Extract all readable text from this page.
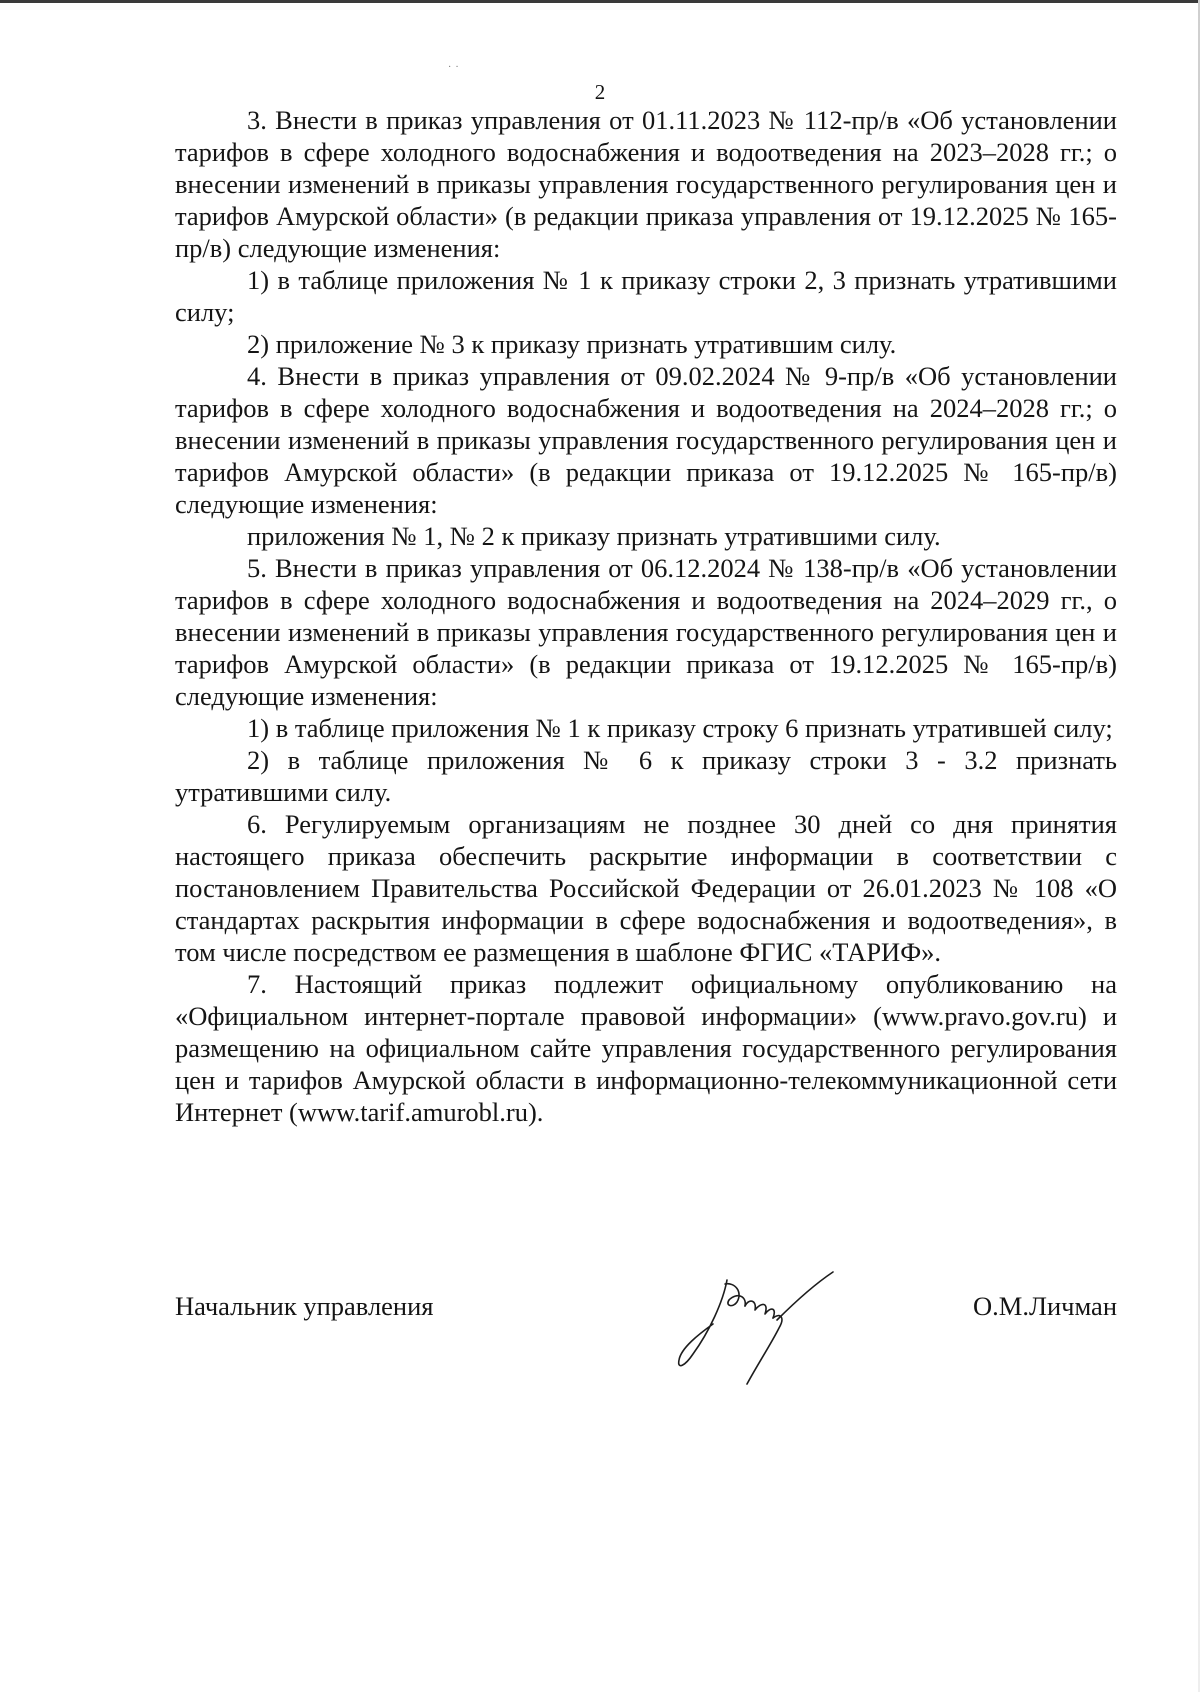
··
2

3. Внести в приказ управления от 01.11.2023 № 112-пр/в «Об установлении тарифов в сфере холодного водоснабжения и водоотведения на 2023–2028 гг.; о внесении изменений в приказы управления государственного регулирования цен и тарифов Амурской области» (в редакции приказа управления от 19.12.2025 № 165-пр/в) следующие изменения:

1) в таблице приложения № 1 к приказу строки 2, 3 признать утратившими силу;

2) приложение № 3 к приказу признать утратившим силу.

4. Внести в приказ управления от 09.02.2024 № 9-пр/в «Об установлении тарифов в сфере холодного водоснабжения и водоотведения на 2024–2028 гг.; о внесении изменений в приказы управления государственного регулирования цен и тарифов Амурской области» (в редакции приказа от 19.12.2025 № 165-пр/в) следующие изменения:

приложения № 1, № 2 к приказу признать утратившими силу.

5. Внести в приказ управления от 06.12.2024 № 138-пр/в «Об установлении тарифов в сфере холодного водоснабжения и водоотведения на 2024–2029 гг., о внесении изменений в приказы управления государственного регулирования цен и тарифов Амурской области» (в редакции приказа от 19.12.2025 № 165-пр/в) следующие изменения:

1) в таблице приложения № 1 к приказу строку 6 признать утратившей силу;

2) в таблице приложения № 6 к приказу строки 3 - 3.2 признать утратившими силу.

6. Регулируемым организациям не позднее 30 дней со дня принятия настоящего приказа обеспечить раскрытие информации в соответствии с постановлением Правительства Российской Федерации от 26.01.2023 № 108 «О стандартах раскрытия информации в сфере водоснабжения и водоотведения», в том числе посредством ее размещения в шаблоне ФГИС «ТАРИФ».

7. Настоящий приказ подлежит официальному опубликованию на «Официальном интернет-портале правовой информации» (www.pravo.gov.ru) и размещению на официальном сайте управления государственного регулирования цен и тарифов Амурской области в информационно-телекоммуникационной сети Интернет (www.tarif.amurobl.ru).

Начальник управления	О.М.Личман
